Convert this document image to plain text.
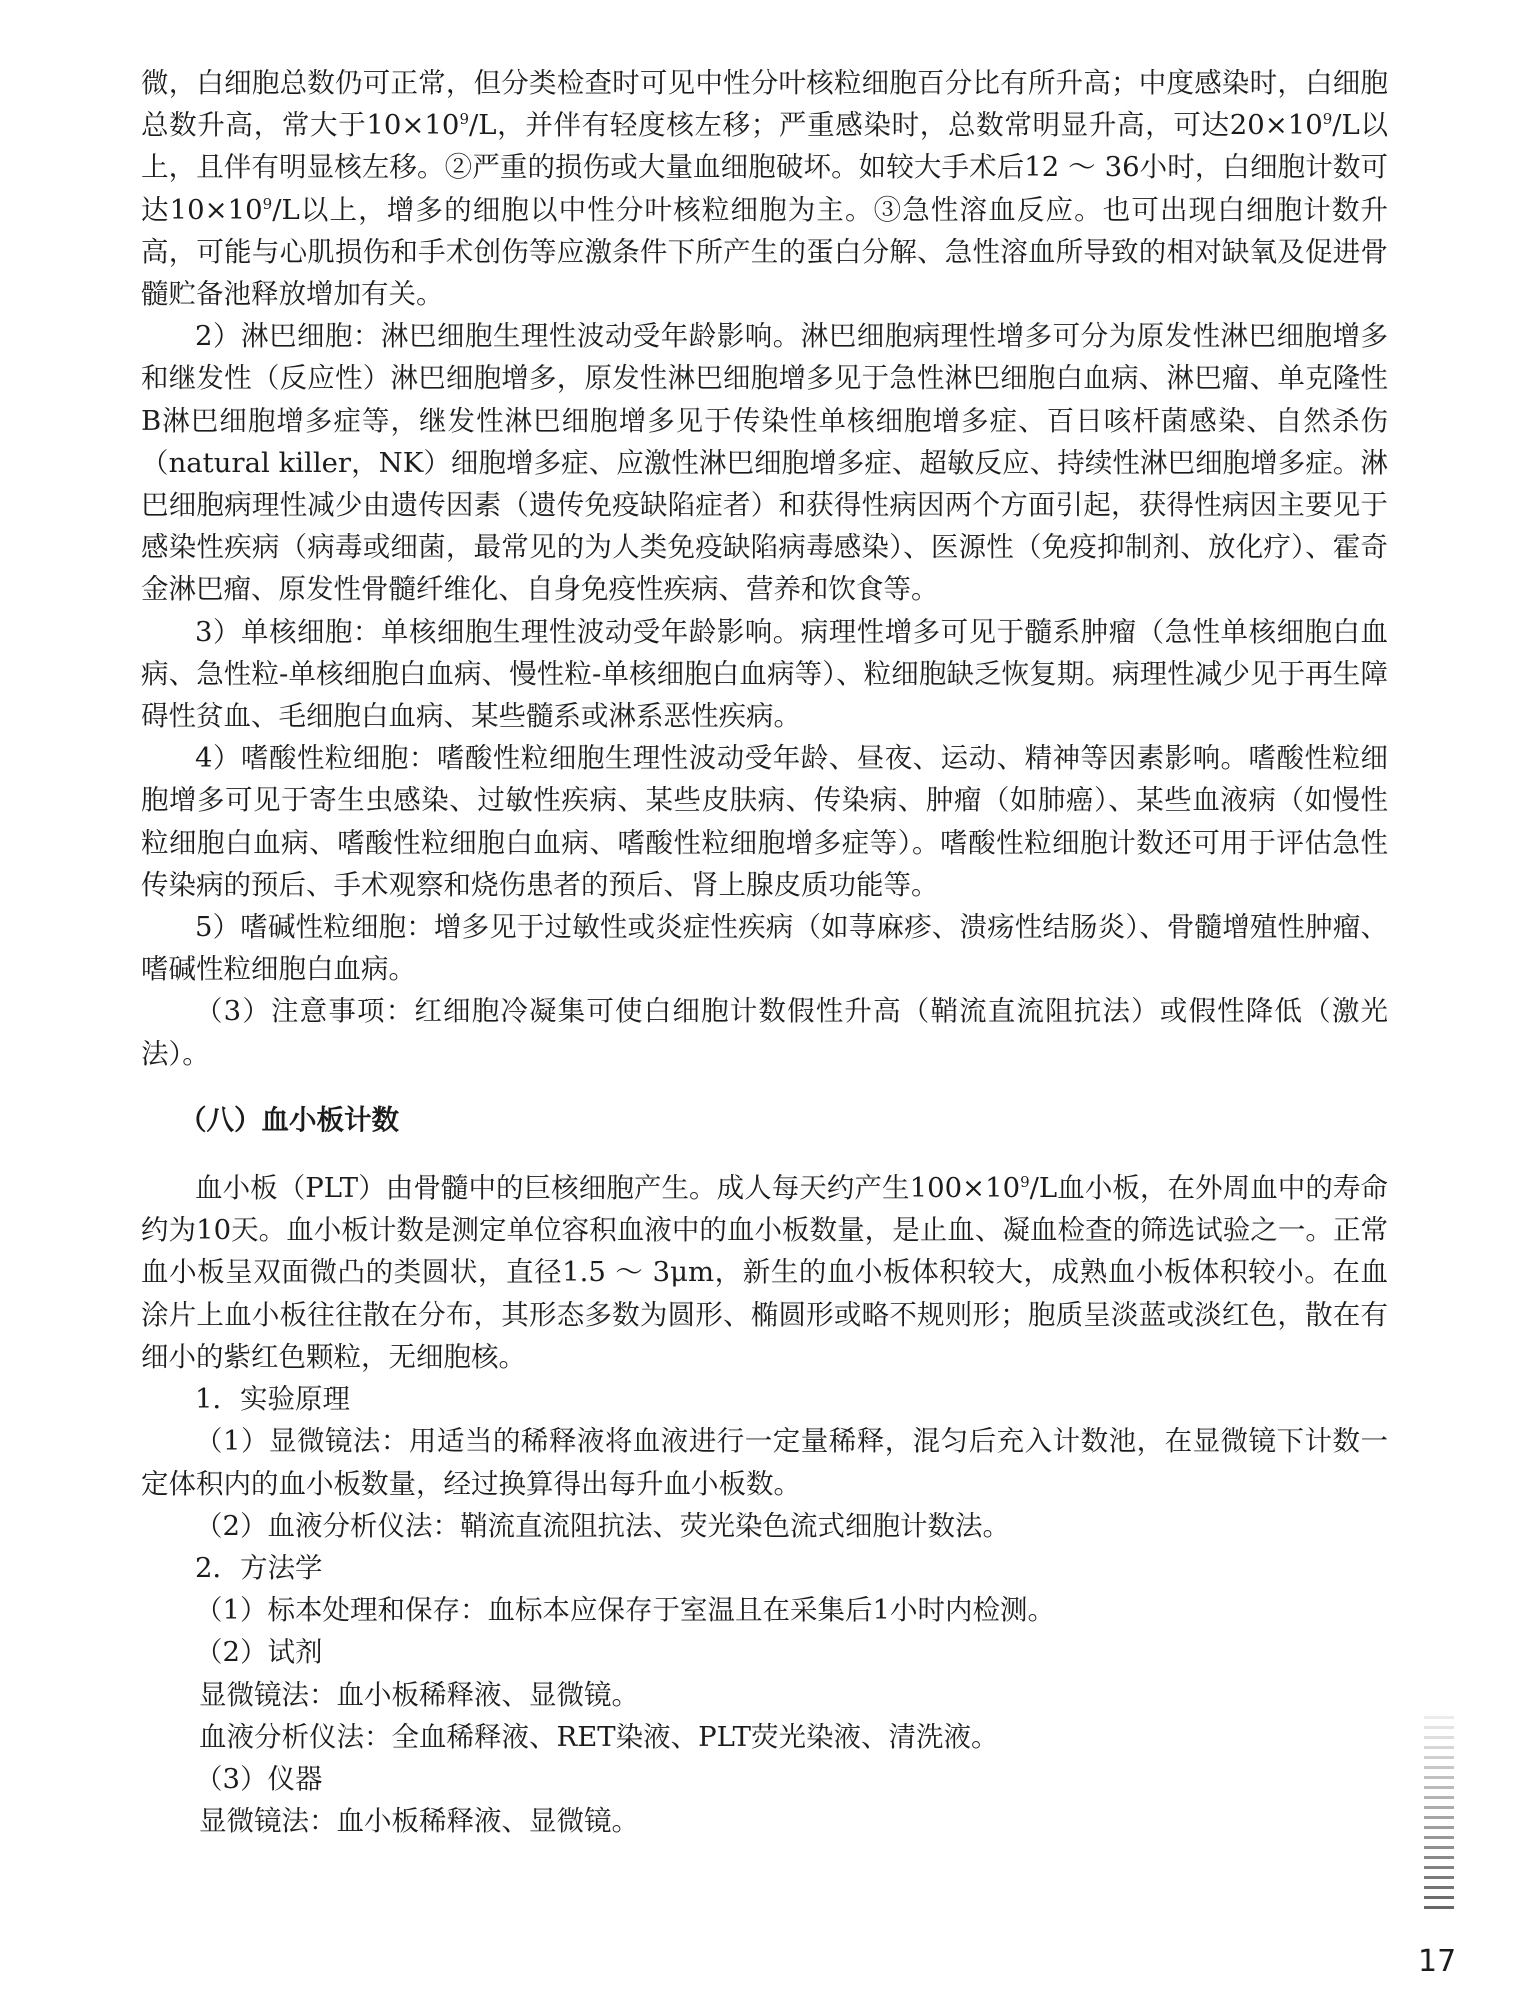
微，白细胞总数仍可正常，但分类检查时可见中性分叶核粒细胞百分比有所升高；中度感染时，白细胞总数升高，常大于$10\times 10^9/L$，并伴有轻度核左移；严重感染时，总数常明显升高，可达$20\times 10^9/L$以上，且伴有明显核左移。②严重的损伤或大量血细胞破坏。如较大手术后12 ～ 36小时，白细胞计数可达$10\times 10^9/L$以上，增多的细胞以中性分叶核粒细胞为主。③急性溶血反应。也可出现白细胞计数升高，可能与心肌损伤和手术创伤等应激条件下所产生的蛋白分解、急性溶血所导致的相对缺氧及促进骨髓贮备池释放增加有关。

2）淋巴细胞：淋巴细胞生理性波动受年龄影响。淋巴细胞病理性增多可分为原发性淋巴细胞增多和继发性（反应性）淋巴细胞增多，原发性淋巴细胞增多见于急性淋巴细胞白血病、淋巴瘤、单克隆性B淋巴细胞增多症等，继发性淋巴细胞增多见于传染性单核细胞增多症、百日咳杆菌感染、自然杀伤（natural killer，NK）细胞增多症、应激性淋巴细胞增多症、超敏反应、持续性淋巴细胞增多症。淋巴细胞病理性减少由遗传因素（遗传免疫缺陷症者）和获得性病因两个方面引起，获得性病因主要见于感染性疾病（病毒或细菌，最常见的为人类免疫缺陷病毒感染）、医源性（免疫抑制剂、放化疗）、霍奇金淋巴瘤、原发性骨髓纤维化、自身免疫性疾病、营养和饮食等。

3）单核细胞：单核细胞生理性波动受年龄影响。病理性增多可见于髓系肿瘤（急性单核细胞白血病、急性粒-单核细胞白血病、慢性粒-单核细胞白血病等）、粒细胞缺乏恢复期。病理性减少见于再生障碍性贫血、毛细胞白血病、某些髓系或淋系恶性疾病。

4）嗜酸性粒细胞：嗜酸性粒细胞生理性波动受年龄、昼夜、运动、精神等因素影响。嗜酸性粒细胞增多可见于寄生虫感染、过敏性疾病、某些皮肤病、传染病、肿瘤（如肺癌）、某些血液病（如慢性粒细胞白血病、嗜酸性粒细胞白血病、嗜酸性粒细胞增多症等）。嗜酸性粒细胞计数还可用于评估急性传染病的预后、手术观察和烧伤患者的预后、肾上腺皮质功能等。

5）嗜碱性粒细胞：增多见于过敏性或炎症性疾病（如荨麻疹、溃疡性结肠炎）、骨髓增殖性肿瘤、嗜碱性粒细胞白血病。

（3）注意事项：红细胞冷凝集可使白细胞计数假性升高（鞘流直流阻抗法）或假性降低（激光法）。

（八）血小板计数

血小板（PLT）由骨髓中的巨核细胞产生。成人每天约产生$100\times 10^9/L$血小板，在外周血中的寿命约为10天。血小板计数是测定单位容积血液中的血小板数量，是止血、凝血检查的筛选试验之一。正常血小板呈双面微凸的类圆状，直径1.5 ～ 3μm，新生的血小板体积较大，成熟血小板体积较小。在血涂片上血小板往往散在分布，其形态多数为圆形、椭圆形或略不规则形；胞质呈淡蓝或淡红色，散在有细小的紫红色颗粒，无细胞核。

1．实验原理

（1）显微镜法：用适当的稀释液将血液进行一定量稀释，混匀后充入计数池，在显微镜下计数一定体积内的血小板数量，经过换算得出每升血小板数。

（2）血液分析仪法：鞘流直流阻抗法、荧光染色流式细胞计数法。

2．方法学

（1）标本处理和保存：血标本应保存于室温且在采集后1小时内检测。

（2）试剂

显微镜法：血小板稀释液、显微镜。

血液分析仪法：全血稀释液、RET染液、PLT荧光染液、清洗液。

（3）仪器

显微镜法：血小板稀释液、显微镜。

17
